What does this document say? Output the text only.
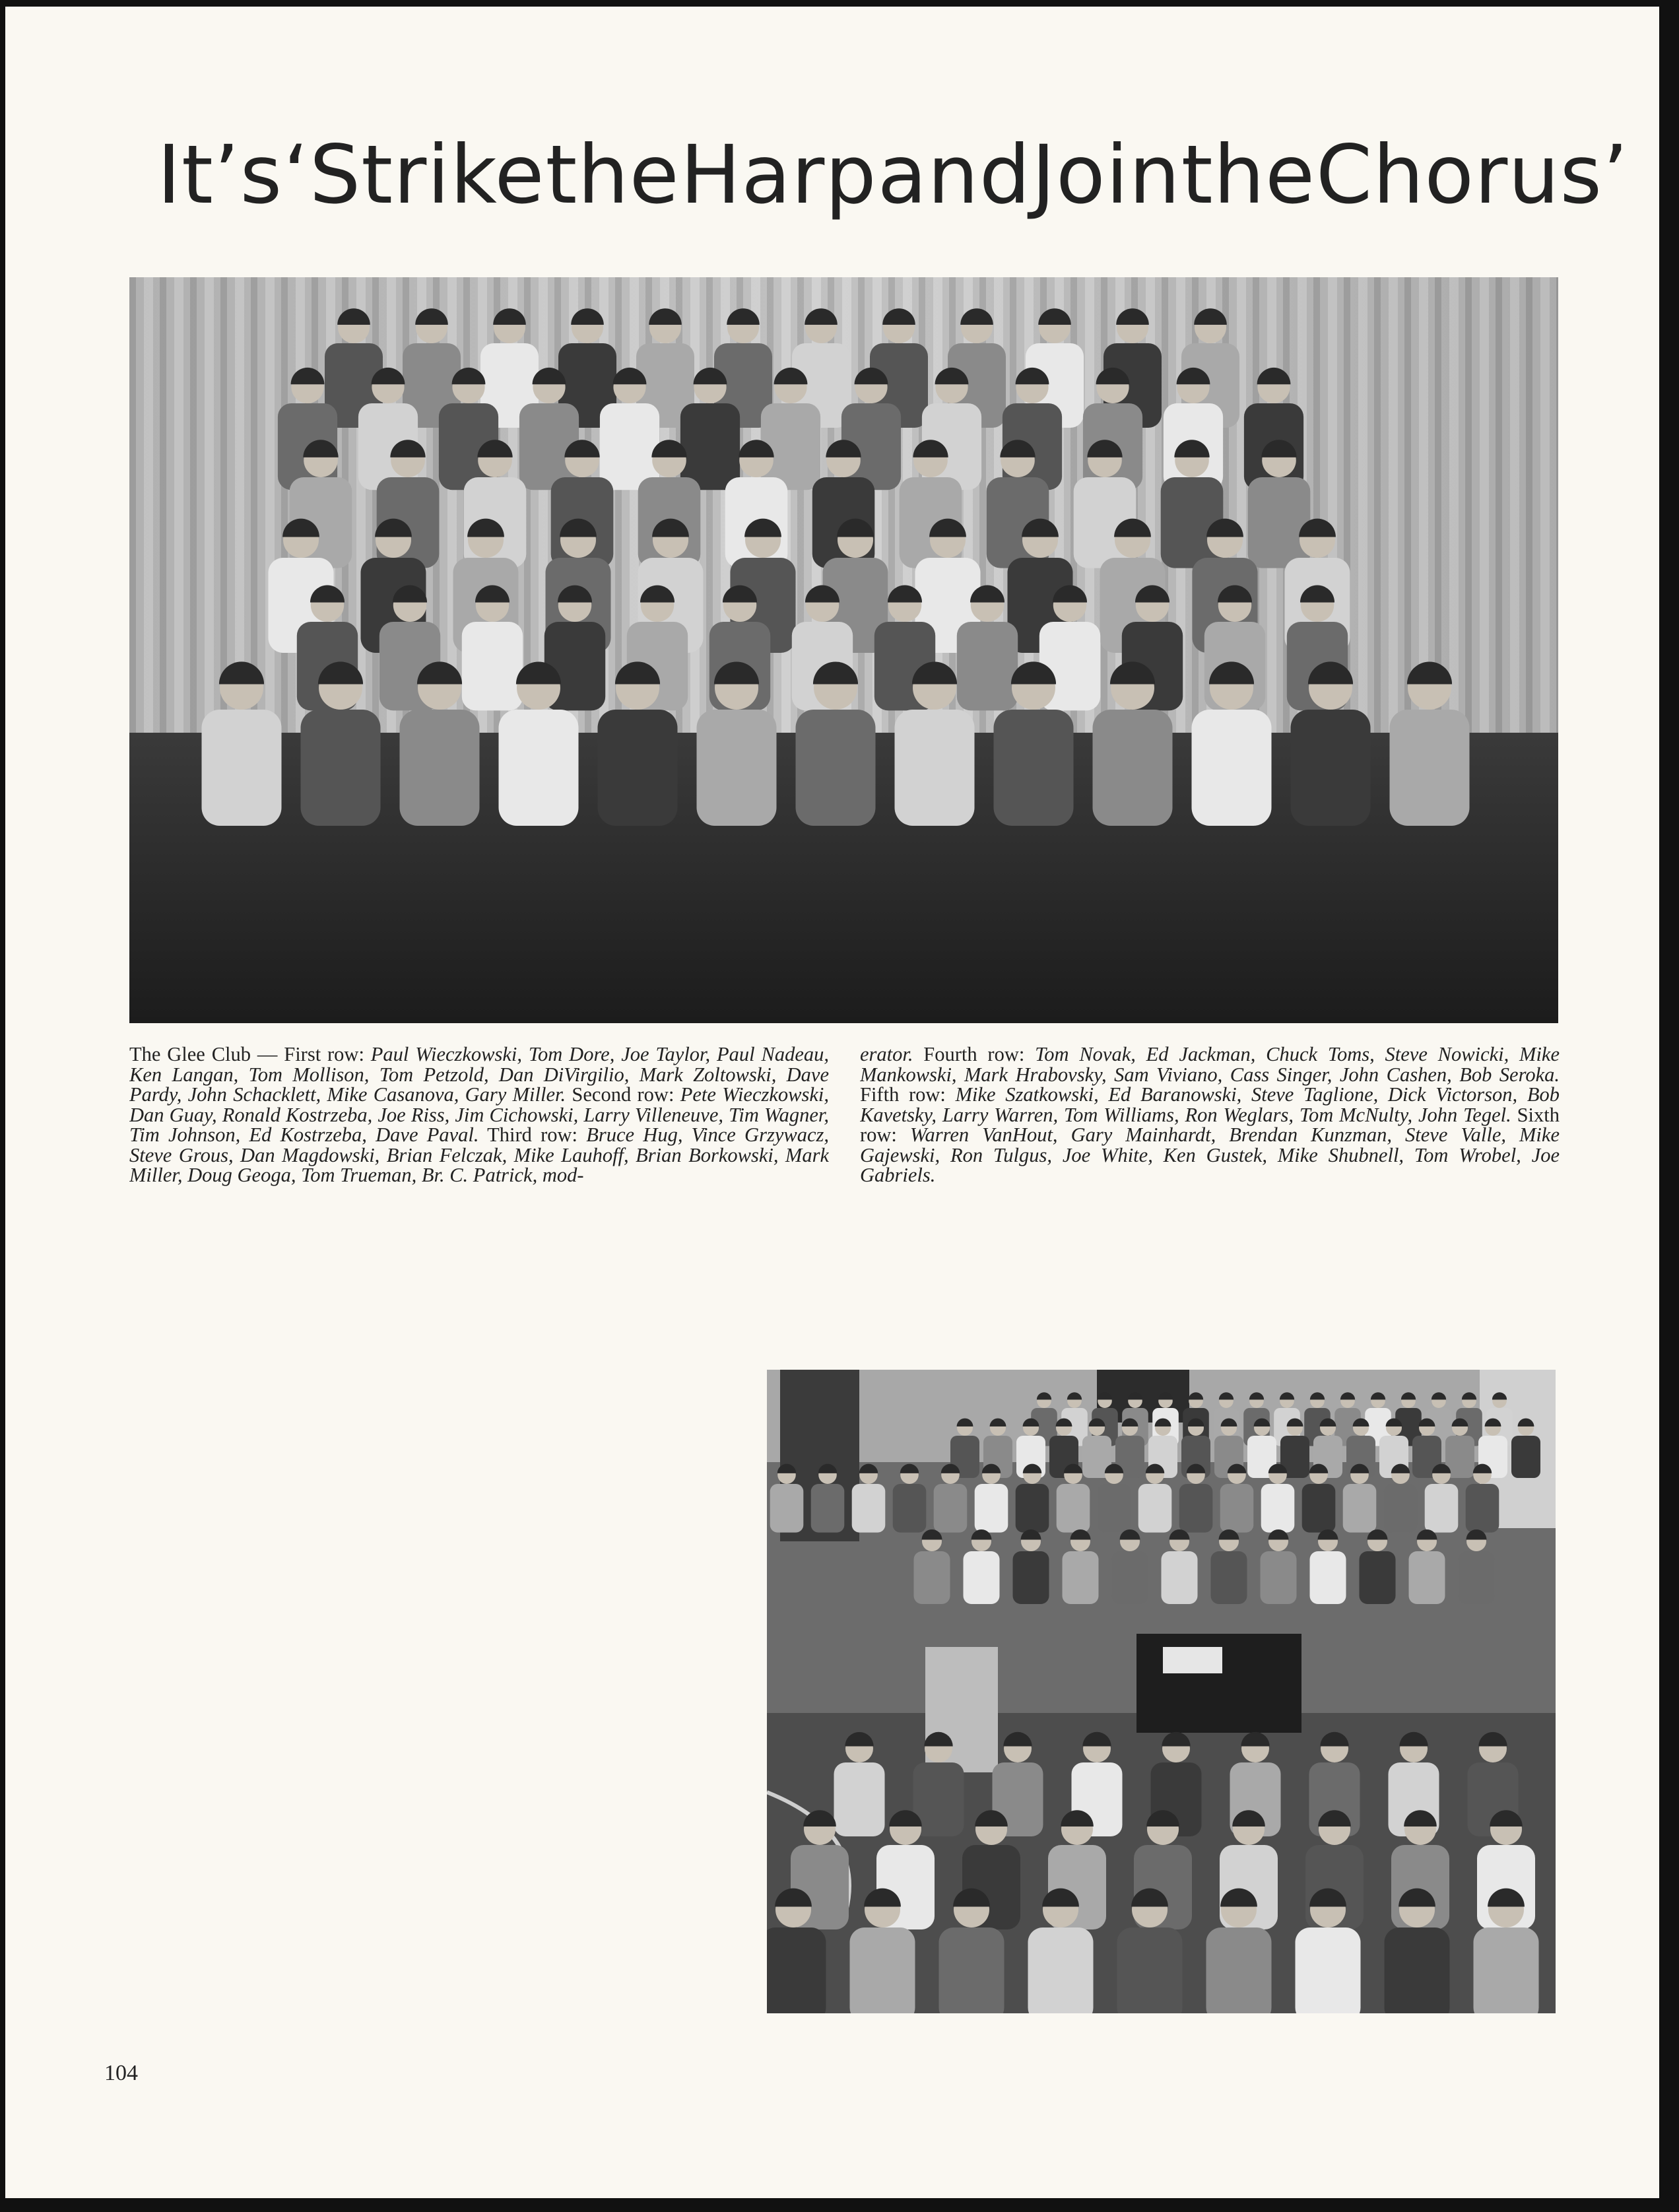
It’s ‘Strike the Harp and Join the Chorus’
The Glee Club — First row: Paul Wieczkowski, Tom Dore, Joe Taylor, Paul Nadeau, Ken Langan, Tom Mollison, Tom Petzold, Dan DiVirgilio, Mark Zoltowski, Dave Pardy, John Schacklett, Mike Casanova, Gary Miller. Second row: Pete Wieczkowski, Dan Guay, Ronald Kostrzeba, Joe Riss, Jim Cichowski, Larry Villeneuve, Tim Wagner, Tim Johnson, Ed Kostrzeba, Dave Paval. Third row: Bruce Hug, Vince Grzywacz, Steve Grous, Dan Magdowski, Brian Felczak, Mike Lauhoff, Brian Borkowski, Mark Miller, Doug Geoga, Tom Trueman, Br. C. Patrick, mod-
erator. Fourth row: Tom Novak, Ed Jackman, Chuck Toms, Steve Nowicki, Mike Mankowski, Mark Hrabovsky, Sam Viviano, Cass Singer, John Cashen, Bob Seroka. Fifth row: Mike Szatkowski, Ed Baranowski, Steve Taglione, Dick Victorson, Bob Kavetsky, Larry Warren, Tom Williams, Ron Weglars, Tom McNulty, John Tegel. Sixth row: Warren VanHout, Gary Mainhardt, Brendan Kunzman, Steve Valle, Mike Gajewski, Ron Tulgus, Joe White, Ken Gustek, Mike Shubnell, Tom Wrobel, Joe Gabriels.
104
